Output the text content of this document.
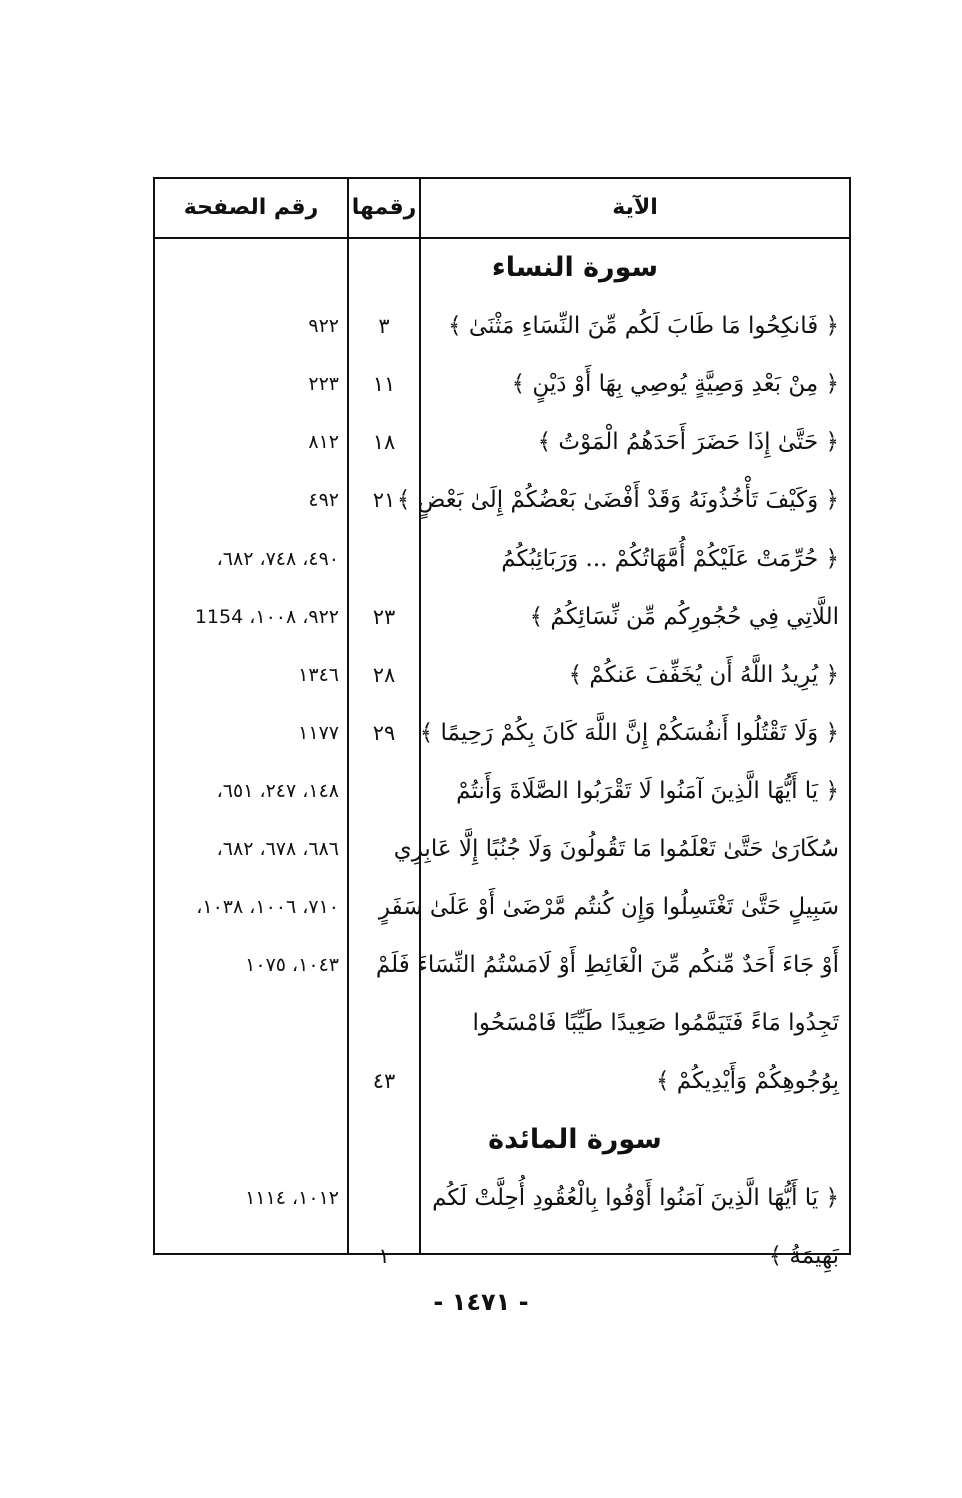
الآية
رقمها
رقم الصفحة
سورة النساء
﴿ فَانكِحُوا مَا طَابَ لَكُم مِّنَ النِّسَاءِ مَثْنَىٰ ﴾
٣
٩٢٢
﴿ مِنْ بَعْدِ وَصِيَّةٍ يُوصِي بِهَا أَوْ دَيْنٍ ﴾
١١
٢٢٣
﴿ حَتَّىٰ إِذَا حَضَرَ أَحَدَهُمُ الْمَوْتُ ﴾
١٨
٨١٢
﴿ وَكَيْفَ تَأْخُذُونَهُ وَقَدْ أَفْضَىٰ بَعْضُكُمْ إِلَىٰ بَعْضٍ ﴾
٢١
٤٩٢
﴿ حُرِّمَتْ عَلَيْكُمْ أُمَّهَاتُكُمْ ... وَرَبَائِبُكُمُ
٤٩٠، ٧٤٨، ٦٨٢،
اللَّاتِي فِي حُجُورِكُم مِّن نِّسَائِكُمُ ﴾
٢٣
٩٢٢، ١٠٠٨، 1154
﴿ يُرِيدُ اللَّهُ أَن يُخَفِّفَ عَنكُمْ ﴾
٢٨
١٣٤٦
﴿ وَلَا تَقْتُلُوا أَنفُسَكُمْ إِنَّ اللَّهَ كَانَ بِكُمْ رَحِيمًا ﴾
٢٩
١١٧٧
﴿ يَا أَيُّهَا الَّذِينَ آمَنُوا لَا تَقْرَبُوا الصَّلَاةَ وَأَنتُمْ
١٤٨، ٢٤٧، ٦٥١،
سُكَارَىٰ حَتَّىٰ تَعْلَمُوا مَا تَقُولُونَ وَلَا جُنُبًا إِلَّا عَابِرِي
٦٨٦، ٦٧٨، ٦٨٢،
سَبِيلٍ حَتَّىٰ تَغْتَسِلُوا وَإِن كُنتُم مَّرْضَىٰ أَوْ عَلَىٰ سَفَرٍ
٧١٠، ١٠٠٦، ١٠٣٨،
أَوْ جَاءَ أَحَدٌ مِّنكُم مِّنَ الْغَائِطِ أَوْ لَامَسْتُمُ النِّسَاءَ فَلَمْ
١٠٤٣، ١٠٧٥
تَجِدُوا مَاءً فَتَيَمَّمُوا صَعِيدًا طَيِّبًا فَامْسَحُوا
بِوُجُوهِكُمْ وَأَيْدِيكُمْ ﴾
٤٣
سورة المائدة
﴿ يَا أَيُّهَا الَّذِينَ آمَنُوا أَوْفُوا بِالْعُقُودِ أُحِلَّتْ لَكُم
١٠١٢، ١١١٤
بَهِيمَةُ ﴾
١
- ١٤٧١ -
